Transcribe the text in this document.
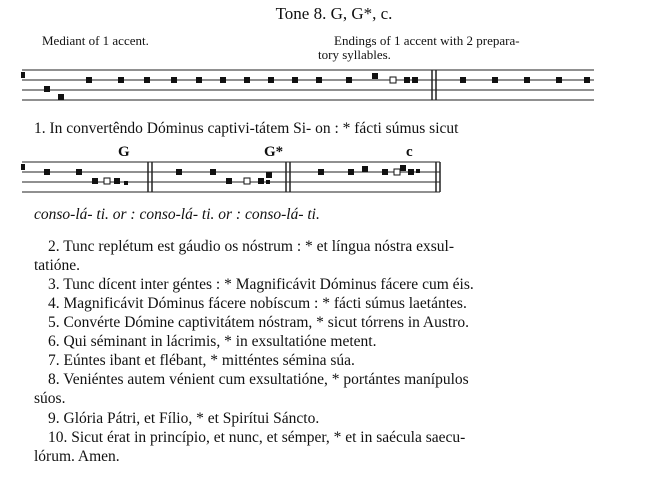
Tone 8. G, G*, c.
Mediant of 1 accent.	Endings of 1 accent with 2 prepara-
tory syllables.
1. In convertêndo Dóminus captivi-tátem Si- on : * fácti súmus sicut
G	G*	c
conso-lá- ti. or : conso-lá- ti. or : conso-lá- ti.
2. Tunc replétum est gáudio os nóstrum : * et língua nóstra exsul-
tatióne.
3. Tunc dícent inter géntes : * Magnificávit Dóminus fácere cum éis.
4. Magnificávit Dóminus fácere nobíscum : * fácti súmus laetántes.
5. Convérte Dómine captivitátem nóstram, * sicut tórrens in Austro.
6. Qui séminant in lácrimis, * in exsultatióne metent.
7. Eúntes ibant et flébant, * mitténtes sémina súa.
8. Veniéntes autem vénient cum exsultatióne, * portántes manípulos
súos.
9. Glória Pátri, et Fílio, * et Spirítui Sáncto.
10. Sicut érat in princípio, et nunc, et sémper, * et in saécula saecu-
lórum. Amen.
